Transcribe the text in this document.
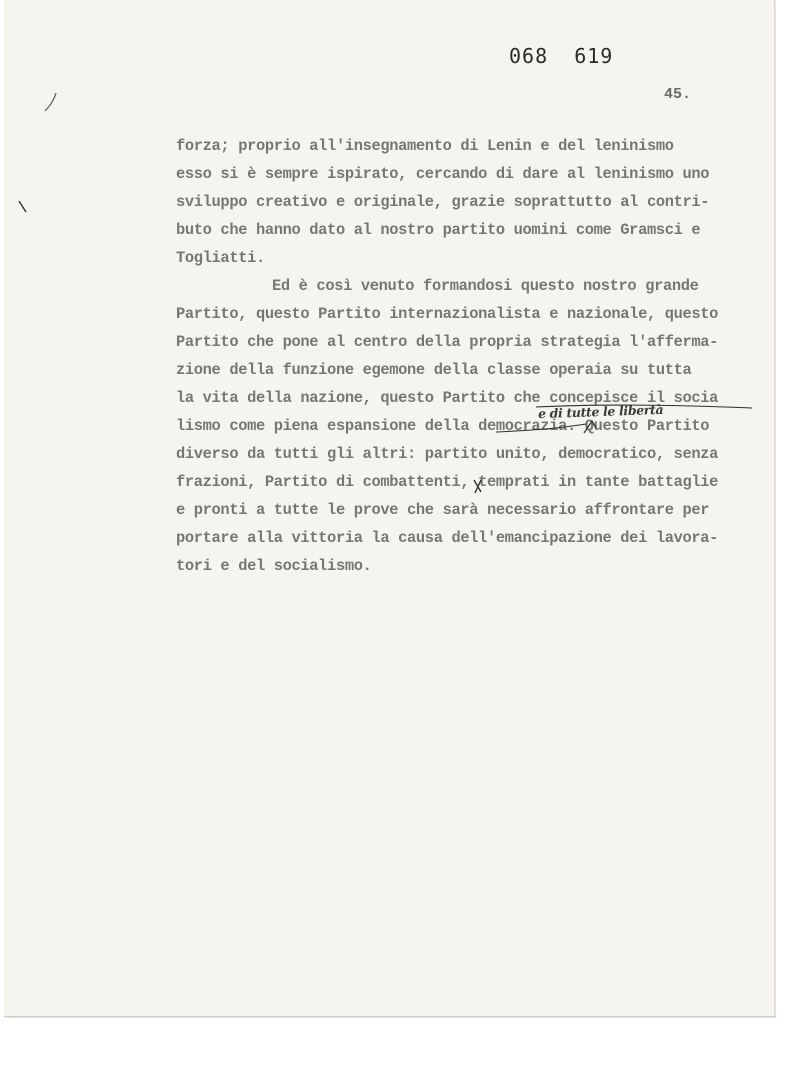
068  619
45.
forza; proprio all'insegnamento di Lenin e del leninismo
esso si è sempre ispirato, cercando di dare al leninismo uno
sviluppo creativo e originale, grazie soprattutto al contri-
buto che hanno dato al nostro partito uomini come Gramsci e
Togliatti.
Ed è così venuto formandosi questo nostro grande
Partito, questo Partito internazionalista e nazionale, questo
Partito che pone al centro della propria strategia l'afferma-
zione della funzione egemone della classe operaia su tutta
la vita della nazione, questo Partito che concepisce il socia
lismo come piena espansione della democrazia. Questo Partito
diverso da tutti gli altri: partito unito, democratico, senza
frazioni, Partito di combattenti, temprati in tante battaglie
e pronti a tutte le prove che sarà necessario affrontare per
portare alla vittoria la causa dell'emancipazione dei lavora-
tori e del socialismo.
e di tutte le libertà
